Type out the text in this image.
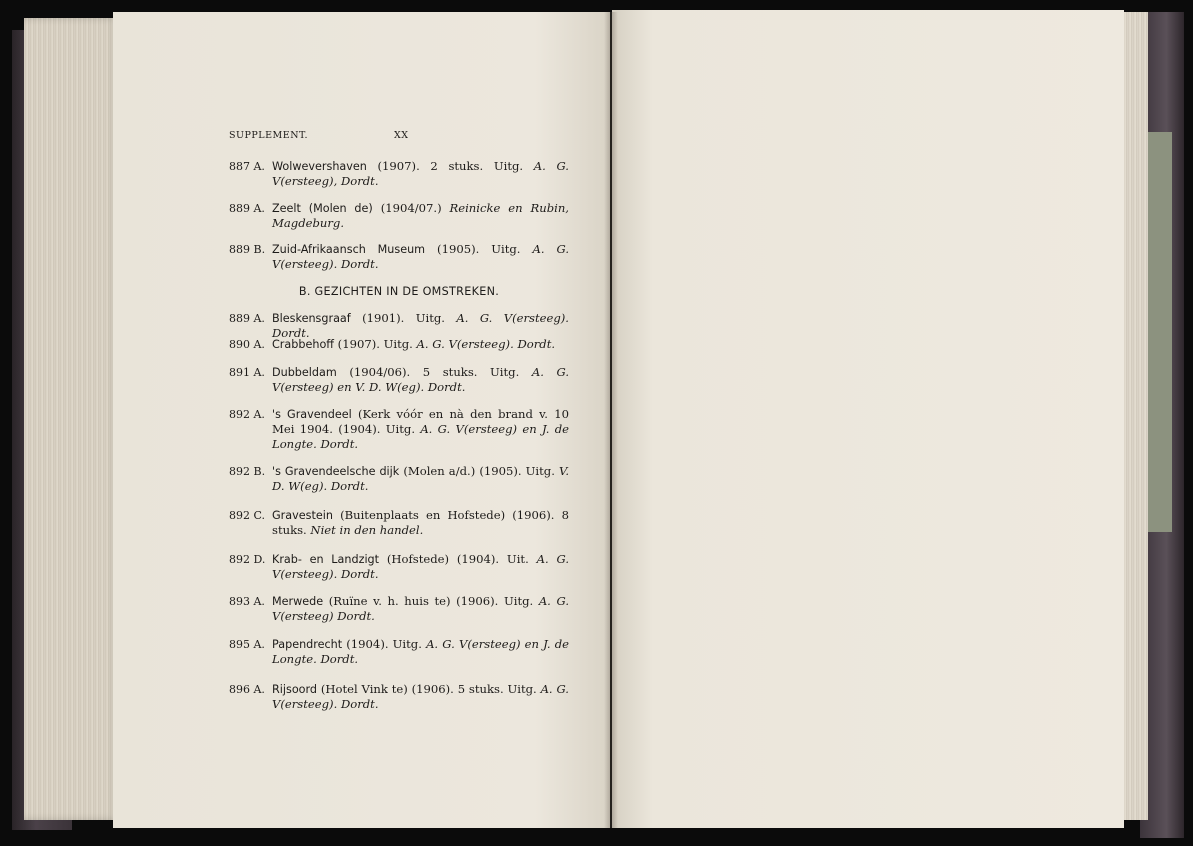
SUPPLEMENT.	XX
887 A. Wolwevershaven (1907). 2 stuks. Uitg. A. G. V(ersteeg), Dordt.
889 A. Zeelt (Molen de) (1904/07.) Reinicke en Rubin, Magdeburg.
889 B. Zuid-Afrikaansch Museum (1905). Uitg. A. G. V(ersteeg). Dordt.
B. GEZICHTEN IN DE OMSTREKEN.
889 A. Bleskensgraaf (1901). Uitg. A. G. V(ersteeg). Dordt.
890 A. Crabbehoff (1907). Uitg. A. G. V(ersteeg). Dordt.
891 A. Dubbeldam (1904/06). 5 stuks. Uitg. A. G. V(ersteeg) en V. D. W(eg). Dordt.
892 A. 's Gravendeel (Kerk vóór en nà den brand v. 10 Mei 1904. (1904). Uitg. A. G. V(ersteeg) en J. de Longte. Dordt.
892 B. 's Gravendeelsche dijk (Molen a/d.) (1905). Uitg. V. D. W(eg). Dordt.
892 C. Gravestein (Buitenplaats en Hofstede) (1906). 8 stuks. Niet in den handel.
892 D. Krab- en Landzigt (Hofstede) (1904). Uit. A. G. V(ersteeg). Dordt.
893 A. Merwede (Ruïne v. h. huis te) (1906). Uitg. A. G. V(ersteeg) Dordt.
895 A. Papendrecht (1904). Uitg. A. G. V(ersteeg) en J. de Longte. Dordt.
896 A. Rijsoord (Hotel Vink te) (1906). 5 stuks. Uitg. A. G. V(ersteeg). Dordt.
